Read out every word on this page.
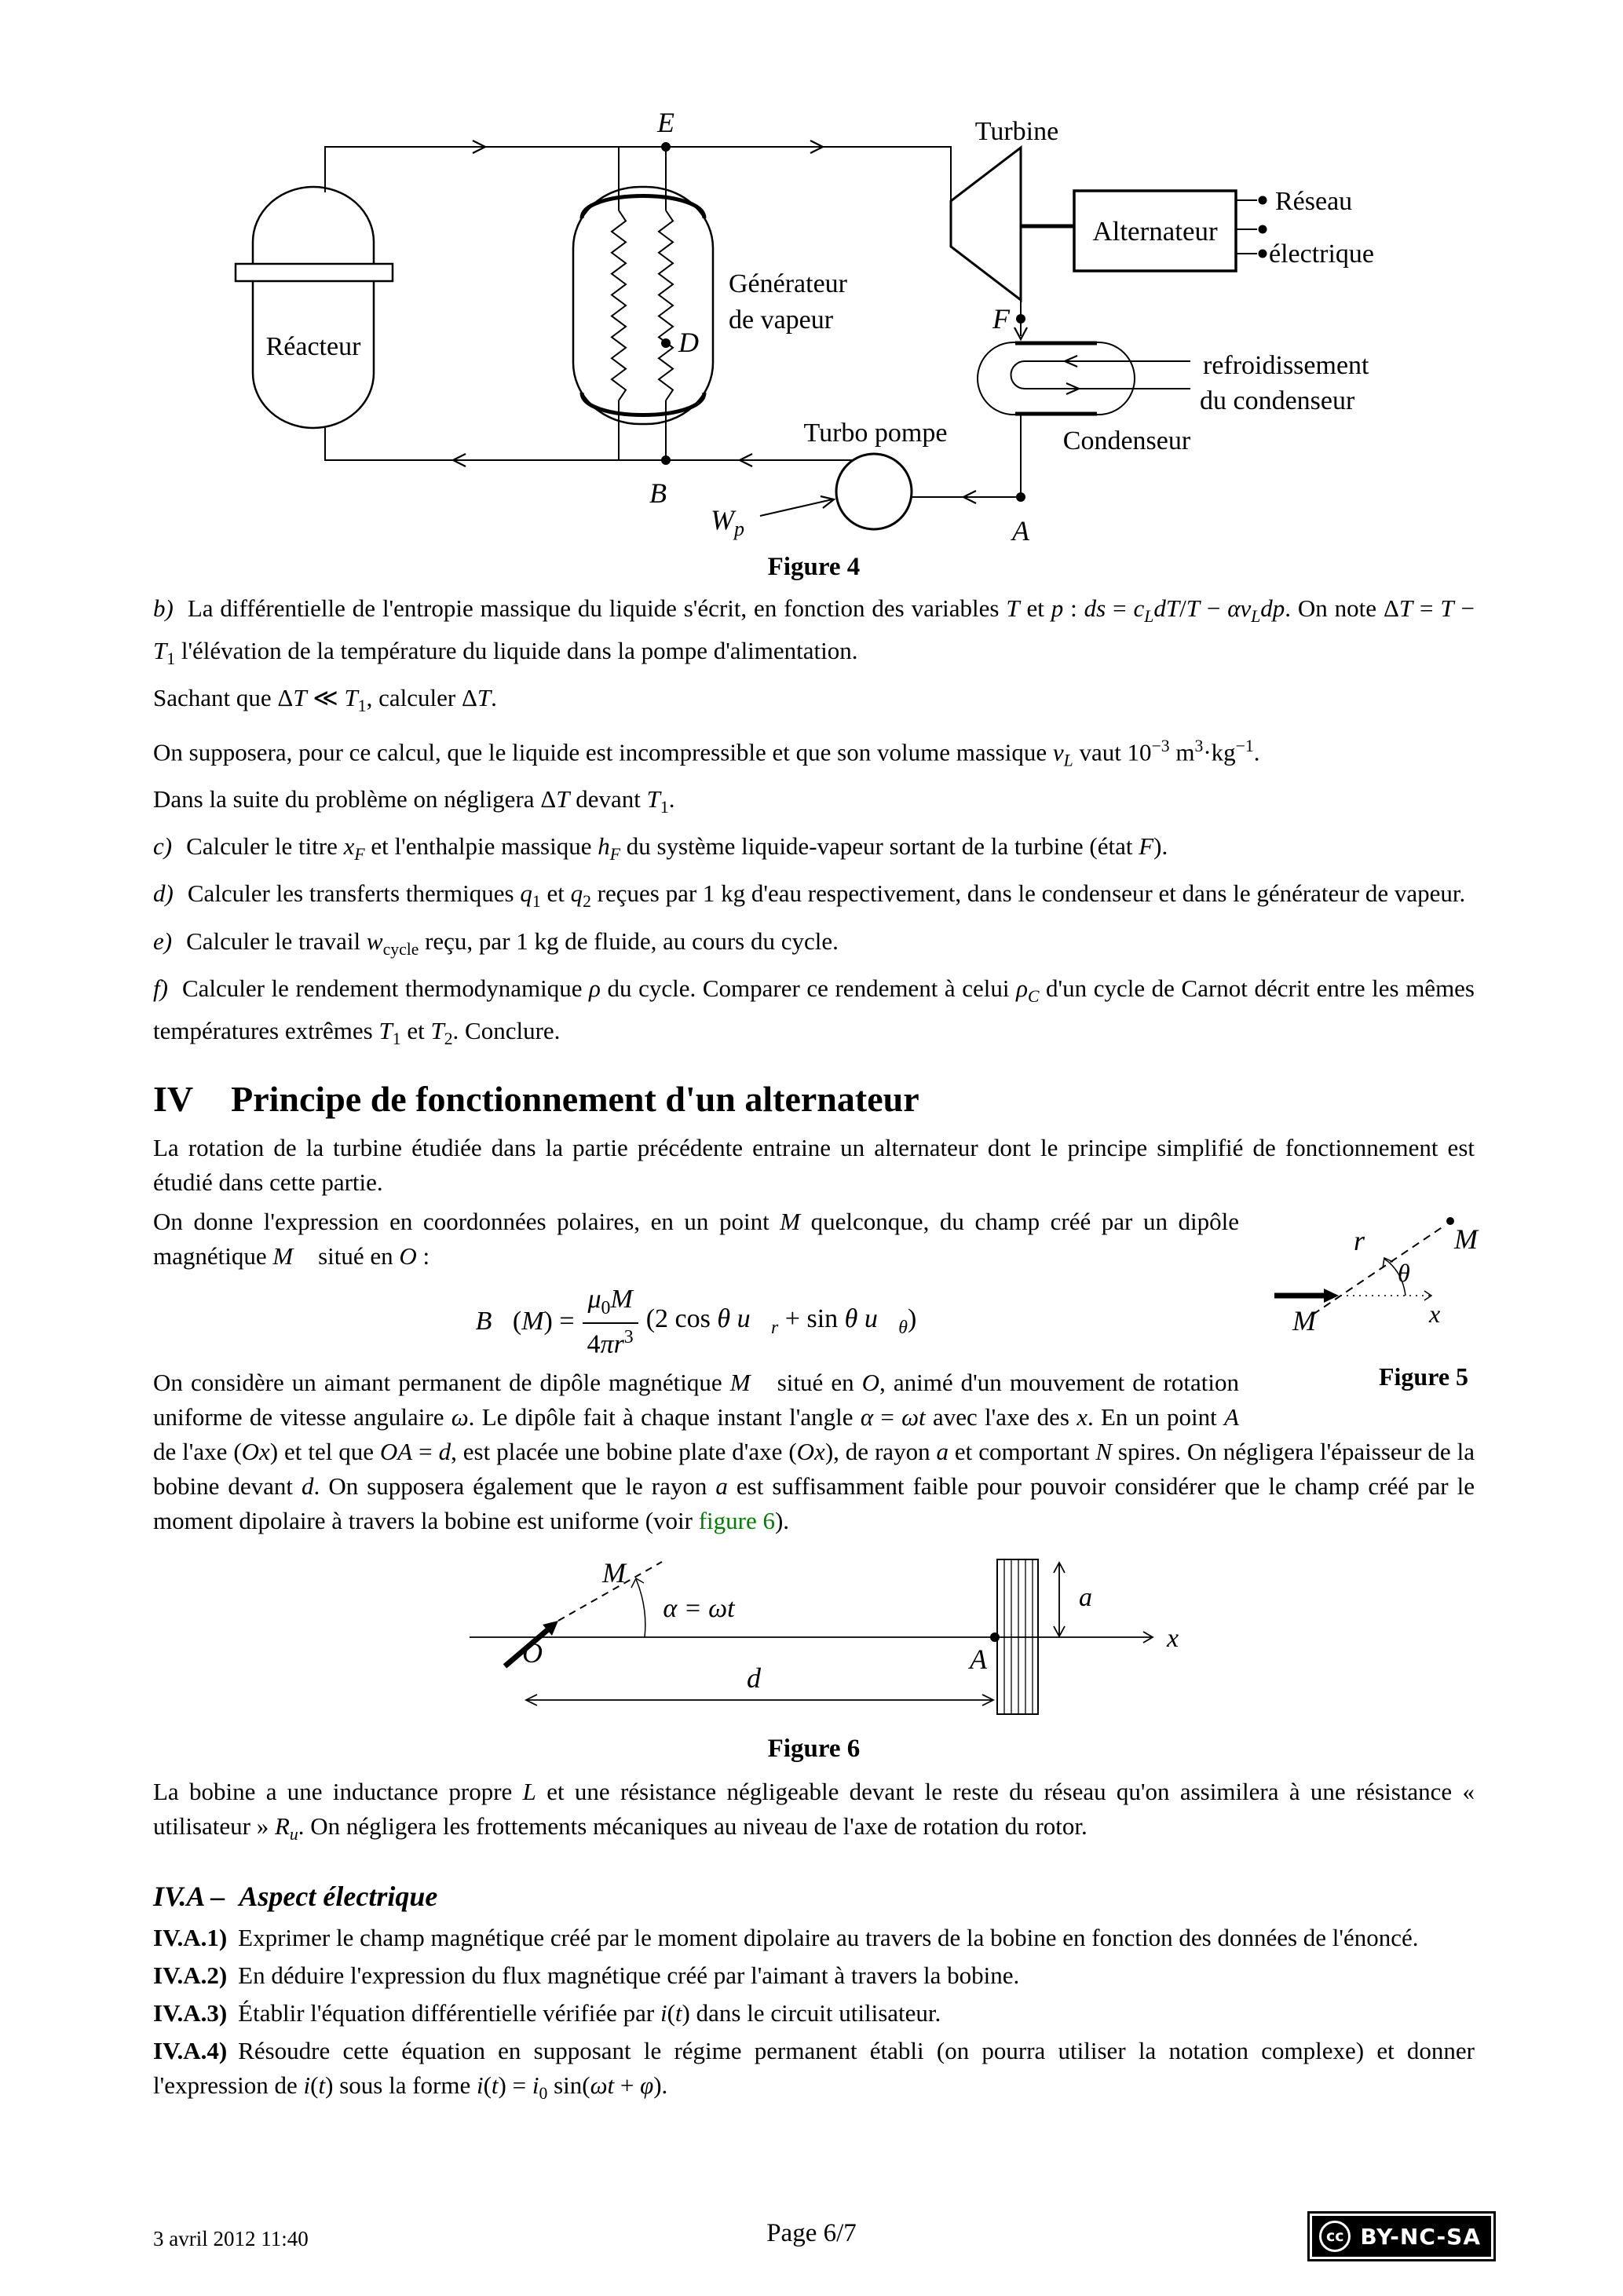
Réacteur
Générateur
de vapeur
Turbine
Alternateur
Réseau
électrique
refroidissement
du condenseur
Condenseur
Turbo pompe
$W_p$
E
D
B
F
A
Figure 4

b) La différentielle de l'entropie massique du liquide s'écrit, en fonction des variables T et p : ds = $c_LdT/T - \alpha v_Ldp$. On note $\Delta T = T - T_1$ l'élévation de la température du liquide dans la pompe d'alimentation.

Sachant que ΔT ≪ $T_1$, calculer ΔT.

On supposera, pour ce calcul, que le liquide est incompressible et que son volume massique $v_L$ vaut $10^{-3}$ $m^3\cdot kg^{-1}$.

Dans la suite du problème on négligera ΔT devant $T_1$.

c) Calculer le titre $x_F$ et l'enthalpie massique $h_F$ du système liquide-vapeur sortant de la turbine (état F).

d) Calculer les transferts thermiques $q_1$ et $q_2$ reçues par 1 kg d'eau respectivement, dans le condenseur et dans le générateur de vapeur.

e) Calculer le travail $w_{cycle}$ reçu, par 1 kg de fluide, au cours du cycle.

f) Calculer le rendement thermodynamique ρ du cycle. Comparer ce rendement à celui $\rho_C$ d'un cycle de Carnot décrit entre les mêmes températures extrêmes $T_1$ et $T_2$. Conclure.

IV Principe de fonctionnement d'un alternateur

La rotation de la turbine étudiée dans la partie précédente entraine un alternateur dont le principe simplifié de fonctionnement est étudié dans cette partie.

r
θ
M
x
M⃗
Figure 5

On donne l'expression en coordonnées polaires, en un point M quelconque, du champ créé par un dipôle magnétique M⃗ situé en O :

B⃗(M) = $\frac{\mu_0M}{4\pi r^3} (2$ cos θ $u⃗_r + \sin \theta$ $u⃗_\theta$)

On considère un aimant permanent de dipôle magnétique M⃗ situé en O, animé d'un mouvement de rotation uniforme de vitesse angulaire ω. Le dipôle fait à chaque instant l'angle α = ωt avec l'axe des x. En un point A de l'axe (Ox) et tel que OA = d, est placée une bobine plate d'axe (Ox), de rayon a et comportant N spires. On négligera l'épaisseur de la bobine devant d. On supposera également que le rayon a est suffisamment faible pour pouvoir considérer que le champ créé par le moment dipolaire à travers la bobine est uniforme (voir figure 6).

x
α = ωt
O
M⃗
A
a
d
Figure 6

La bobine a une inductance propre L et une résistance négligeable devant le reste du réseau qu'on assimilera à une résistance « utilisateur » $R_u$. On négligera les frottements mécaniques au niveau de l'axe de rotation du rotor.

IV.A – Aspect électrique

IV.A.1) Exprimer le champ magnétique créé par le moment dipolaire au travers de la bobine en fonction des données de l'énoncé.

IV.A.2) En déduire l'expression du flux magnétique créé par l'aimant à travers la bobine.

IV.A.3) Établir l'équation différentielle vérifiée par i(t) dans le circuit utilisateur.

IV.A.4) Résoudre cette équation en supposant le régime permanent établi (on pourra utiliser la notation complexe) et donner l'expression de i(t) sous la forme $i(t) = i_0$ sin(ωt + φ).

3 avril 2012 11:40	Page 6/7	cc BY-NC-SA
